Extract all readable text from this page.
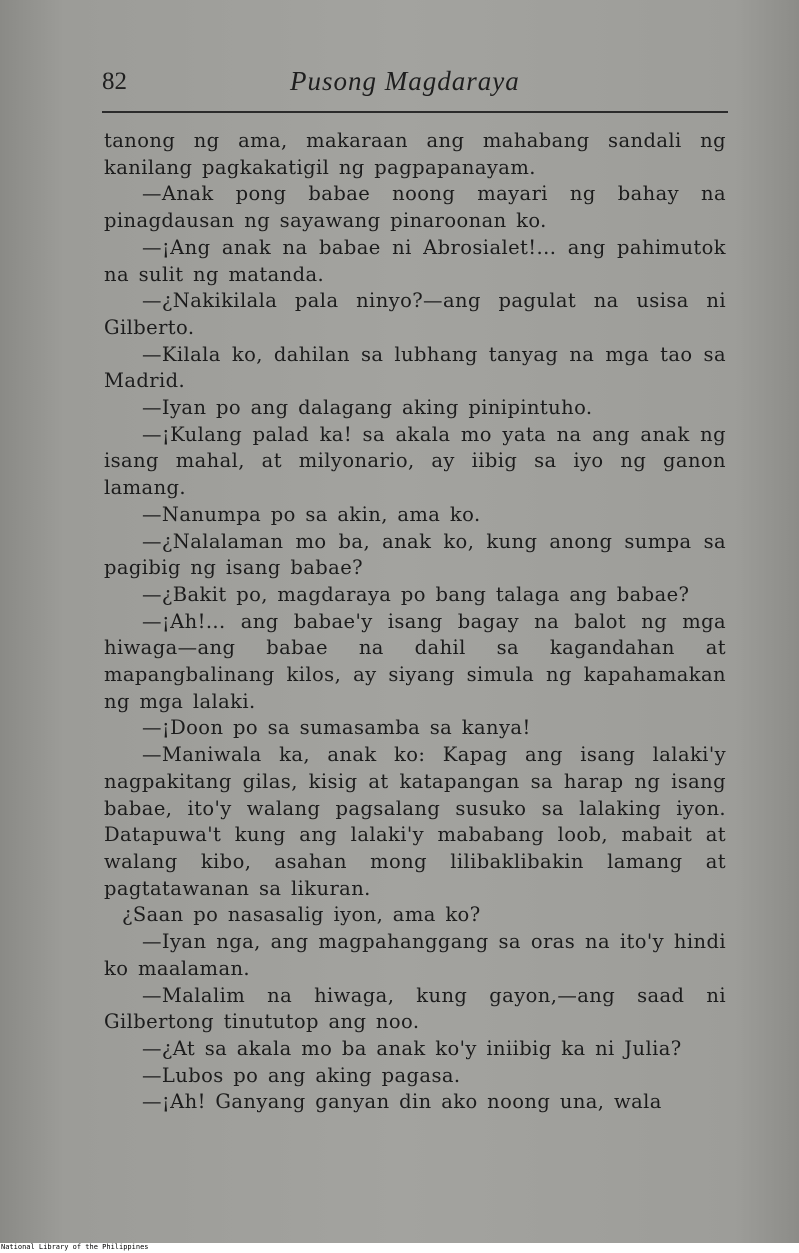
82	Pusong Magdaraya

tanong ng ama, makaraan ang mahabang sandali ng kanilang pagkakatigil ng pagpapanayam.

—Anak pong babae noong mayari ng bahay na pinagdausan ng sayawang pinaroonan ko.

—¡Ang anak na babae ni Abrosialet!... ang pahimutok na sulit ng matanda.

—¿Nakikilala pala ninyo?—ang pagulat na usisa ni Gilberto.

—Kilala ko, dahilan sa lubhang tanyag na mga tao sa Madrid.

—Iyan po ang dalagang aking pinipintuho.

—¡Kulang palad ka! sa akala mo yata na ang anak ng isang mahal, at milyonario, ay iibig sa iyo ng ganon lamang.

—Nanumpa po sa akin, ama ko.

—¿Nalalaman mo ba, anak ko, kung anong sumpa sa pagibig ng isang babae?

—¿Bakit po, magdaraya po bang talaga ang babae?

—¡Ah!... ang babae'y isang bagay na balot ng mga hiwaga—ang babae na dahil sa kagandahan at mapangbalinang kilos, ay siyang simula ng kapahamakan ng mga lalaki.

—¡Doon po sa sumasamba sa kanya!

—Maniwala ka, anak ko: Kapag ang isang lalaki'y nagpakitang gilas, kisig at katapangan sa harap ng isang babae, ito'y walang pagsalang susuko sa lalaking iyon. Datapuwa't kung ang lalaki'y mababang loob, mabait at walang kibo, asahan mong lilibaklibakin lamang at pagtatawanan sa likuran.

¿Saan po nasasalig iyon, ama ko?

—Iyan nga, ang magpahanggang sa oras na ito'y hindi ko maalaman.

—Malalim na hiwaga, kung gayon,—ang saad ni Gilbertong tinututop ang noo.

—¿At sa akala mo ba anak ko'y iniibig ka ni Julia?

—Lubos po ang aking pagasa.

—¡Ah! Ganyang ganyan din ako noong una, wala

National Library of the Philippines
